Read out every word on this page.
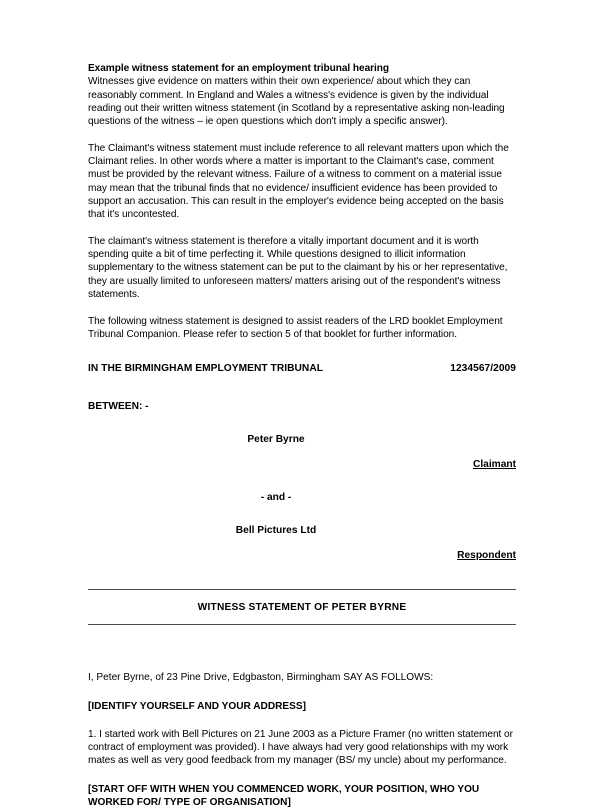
Example witness statement for an employment tribunal hearing

Witnesses give evidence on matters within their own experience/ about which they can reasonably comment. In England and Wales a witness's evidence is given by the individual reading out their written witness statement (in Scotland by a representative asking non-leading questions of the witness – ie open questions which don't imply a specific answer).

The Claimant's witness statement must include reference to all relevant matters upon which the Claimant relies. In other words where a matter is important to the Claimant's case, comment must be provided by the relevant witness. Failure of a witness to comment on a material issue may mean that the tribunal finds that no evidence/ insufficient evidence has been provided to support an accusation. This can result in the employer's evidence being accepted on the basis that it's uncontested.

The claimant's witness statement is therefore a vitally important document and it is worth spending quite a bit of time perfecting it. While questions designed to illicit information supplementary to the witness statement can be put to the claimant by his or her representative, they are usually limited to unforeseen matters/ matters arising out of the respondent's witness statements.

The following witness statement is designed to assist readers of the LRD booklet Employment Tribunal Companion. Please refer to section 5 of that booklet for further information.

IN THE BIRMINGHAM EMPLOYMENT TRIBUNAL	1234567/2009

BETWEEN: -

Peter Byrne

Claimant

- and -

Bell Pictures Ltd

Respondent

WITNESS STATEMENT OF PETER BYRNE

I, Peter Byrne, of 23 Pine Drive, Edgbaston, Birmingham SAY AS FOLLOWS:

[IDENTIFY YOURSELF AND YOUR ADDRESS]

1. I started work with Bell Pictures on 21 June 2003 as a Picture Framer (no written statement or contract of employment was provided). I have always had very good relationships with my work mates as well as very good feedback from my manager (BS/ my uncle) about my performance.

[START OFF WITH WHEN YOU COMMENCED WORK, YOUR POSITION, WHO YOU WORKED FOR/ TYPE OF ORGANISATION]
